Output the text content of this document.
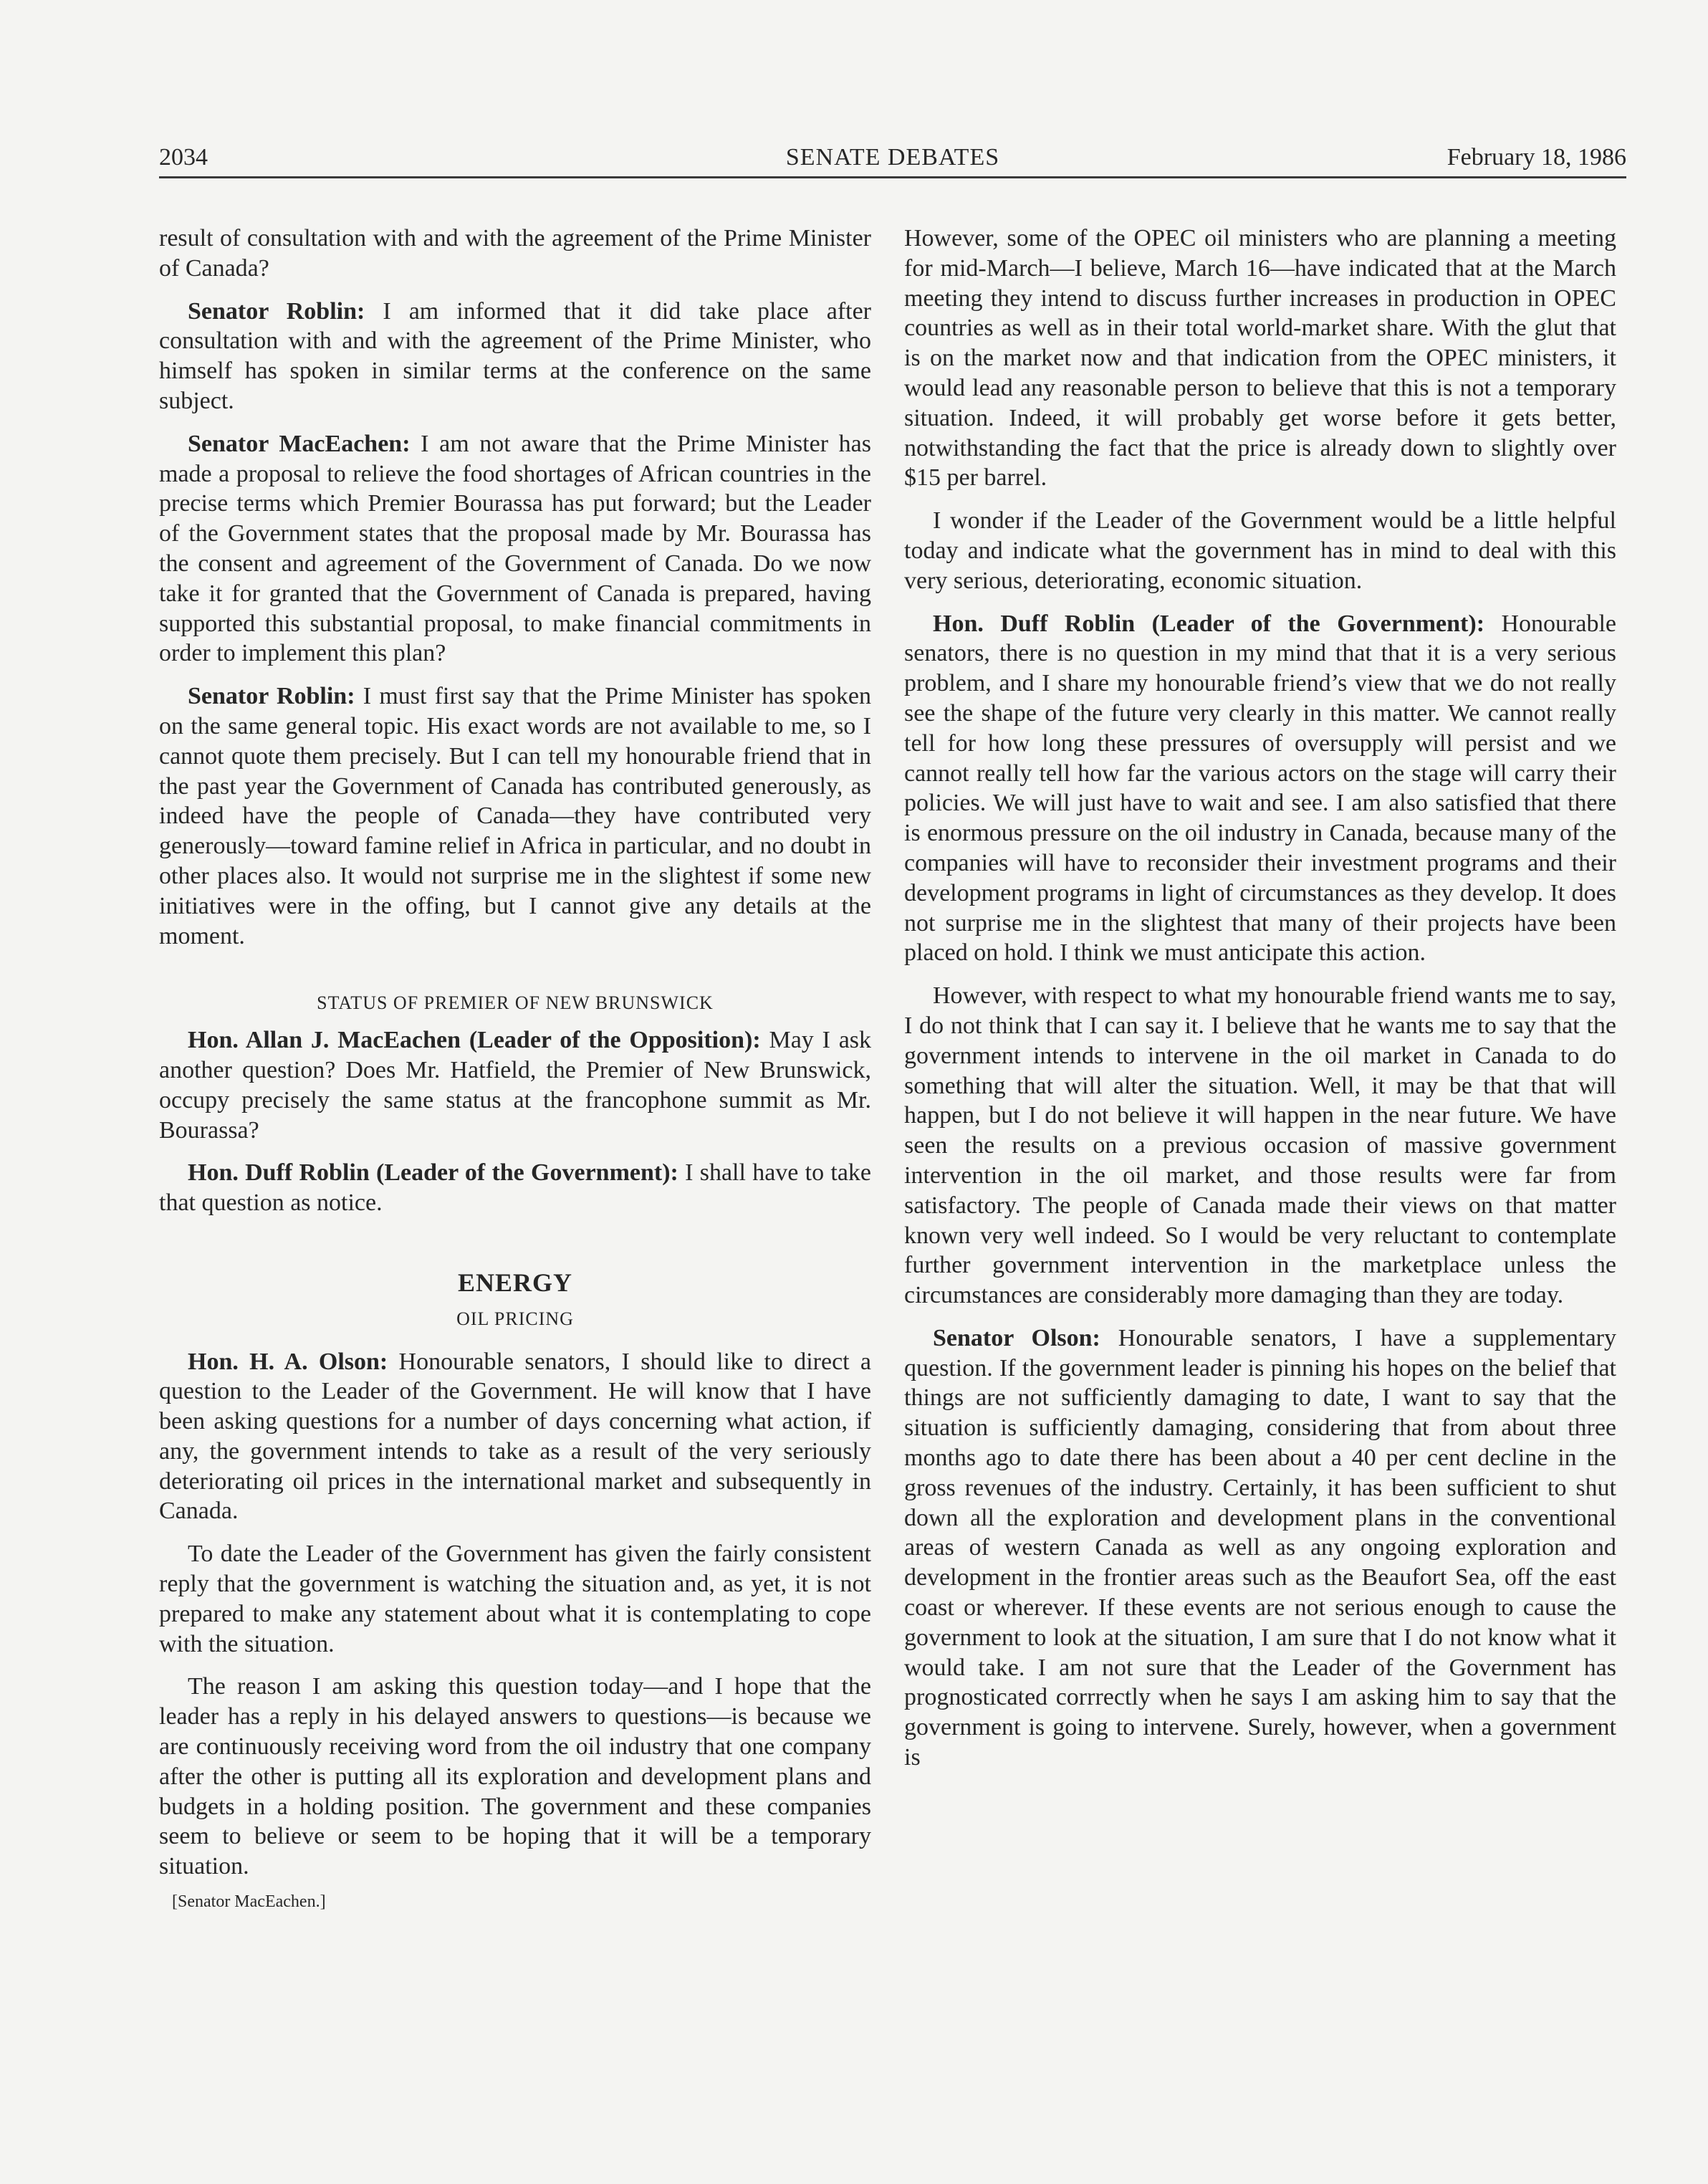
2034	SENATE DEBATES	February 18, 1986

result of consultation with and with the agreement of the Prime Minister of Canada?

Senator Roblin: I am informed that it did take place after consultation with and with the agreement of the Prime Minister, who himself has spoken in similar terms at the conference on the same subject.

Senator MacEachen: I am not aware that the Prime Minister has made a proposal to relieve the food shortages of African countries in the precise terms which Premier Bourassa has put forward; but the Leader of the Government states that the proposal made by Mr. Bourassa has the consent and agreement of the Government of Canada. Do we now take it for granted that the Government of Canada is prepared, having supported this substantial proposal, to make financial commitments in order to implement this plan?

Senator Roblin: I must first say that the Prime Minister has spoken on the same general topic. His exact words are not available to me, so I cannot quote them precisely. But I can tell my honourable friend that in the past year the Government of Canada has contributed generously, as indeed have the people of Canada—they have contributed very generously—toward famine relief in Africa in particular, and no doubt in other places also. It would not surprise me in the slightest if some new initiatives were in the offing, but I cannot give any details at the moment.

STATUS OF PREMIER OF NEW BRUNSWICK

Hon. Allan J. MacEachen (Leader of the Opposition): May I ask another question? Does Mr. Hatfield, the Premier of New Brunswick, occupy precisely the same status at the francophone summit as Mr. Bourassa?

Hon. Duff Roblin (Leader of the Government): I shall have to take that question as notice.

ENERGY
OIL PRICING

Hon. H. A. Olson: Honourable senators, I should like to direct a question to the Leader of the Government. He will know that I have been asking questions for a number of days concerning what action, if any, the government intends to take as a result of the very seriously deteriorating oil prices in the international market and subsequently in Canada.

To date the Leader of the Government has given the fairly consistent reply that the government is watching the situation and, as yet, it is not prepared to make any statement about what it is contemplating to cope with the situation.

The reason I am asking this question today—and I hope that the leader has a reply in his delayed answers to questions—is because we are continuously receiving word from the oil industry that one company after the other is putting all its exploration and development plans and budgets in a holding position. The government and these companies seem to believe or seem to be hoping that it will be a temporary situation.

[Senator MacEachen.]

However, some of the OPEC oil ministers who are planning a meeting for mid-March—I believe, March 16—have indicated that at the March meeting they intend to discuss further increases in production in OPEC countries as well as in their total world-market share. With the glut that is on the market now and that indication from the OPEC ministers, it would lead any reasonable person to believe that this is not a temporary situation. Indeed, it will probably get worse before it gets better, notwithstanding the fact that the price is already down to slightly over $15 per barrel.

I wonder if the Leader of the Government would be a little helpful today and indicate what the government has in mind to deal with this very serious, deteriorating, economic situation.

Hon. Duff Roblin (Leader of the Government): Honourable senators, there is no question in my mind that that it is a very serious problem, and I share my honourable friend’s view that we do not really see the shape of the future very clearly in this matter. We cannot really tell for how long these pressures of oversupply will persist and we cannot really tell how far the various actors on the stage will carry their policies. We will just have to wait and see. I am also satisfied that there is enormous pressure on the oil industry in Canada, because many of the companies will have to reconsider their investment programs and their development programs in light of circumstances as they develop. It does not surprise me in the slightest that many of their projects have been placed on hold. I think we must anticipate this action.

However, with respect to what my honourable friend wants me to say, I do not think that I can say it. I believe that he wants me to say that the government intends to intervene in the oil market in Canada to do something that will alter the situation. Well, it may be that that will happen, but I do not believe it will happen in the near future. We have seen the results on a previous occasion of massive government intervention in the oil market, and those results were far from satisfactory. The people of Canada made their views on that matter known very well indeed. So I would be very reluctant to contemplate further government intervention in the marketplace unless the circumstances are considerably more damaging than they are today.

Senator Olson: Honourable senators, I have a supplementary question. If the government leader is pinning his hopes on the belief that things are not sufficiently damaging to date, I want to say that the situation is sufficiently damaging, considering that from about three months ago to date there has been about a 40 per cent decline in the gross revenues of the industry. Certainly, it has been sufficient to shut down all the exploration and development plans in the conventional areas of western Canada as well as any ongoing exploration and development in the frontier areas such as the Beaufort Sea, off the east coast or wherever. If these events are not serious enough to cause the government to look at the situation, I am sure that I do not know what it would take. I am not sure that the Leader of the Government has prognosticated corrrectly when he says I am asking him to say that the government is going to intervene. Surely, however, when a government is
